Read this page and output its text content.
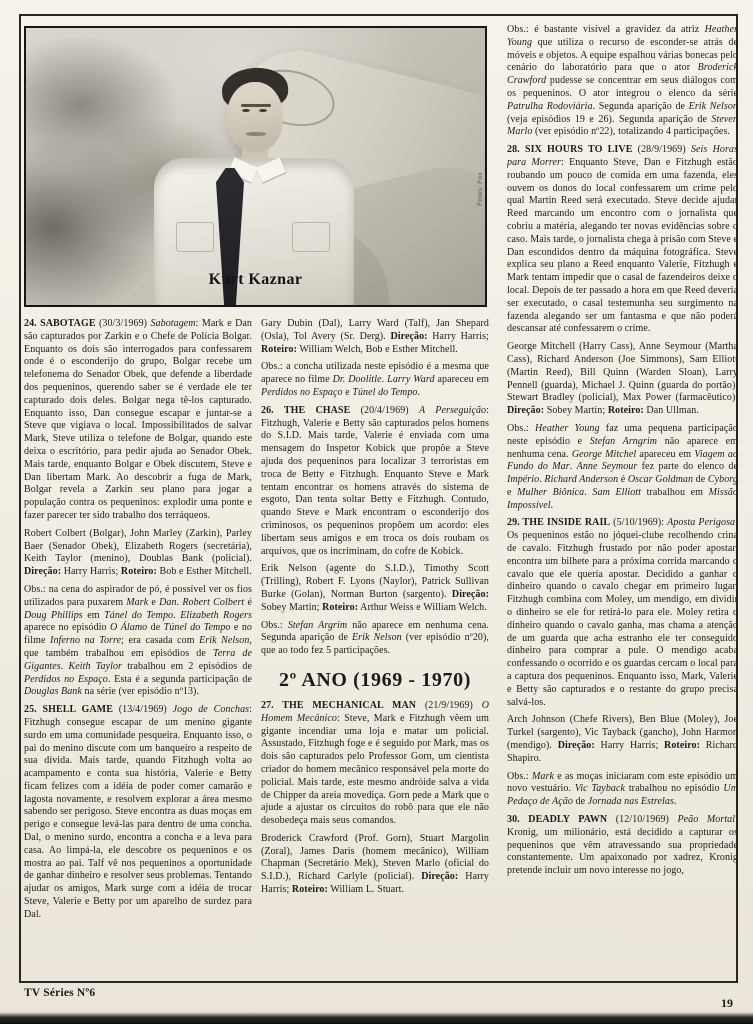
Kurt Kaznar
Fotos: Fox

24. SABOTAGE (30/3/1969) Sabotagem: Mark e Dan são capturados por Zarkin e o Chefe de Polícia Bolgar. Enquanto os dois são interrogados para confessarem onde é o esconderijo do grupo, Bolgar recebe um telefonema do Senador Obek, que defende a liberdade dos pequeninos, querendo saber se é verdade ele ter capturado dois deles. Bolgar nega tê-los capturado. Enquanto isso, Dan consegue escapar e juntar-se a Steve que vigiava o local. Impossibilitados de salvar Mark, Steve utiliza o telefone de Bolgar, quando este deixa o escritório, para pedir ajuda ao Senador Obek. Mais tarde, enquanto Bolgar e Obek discutem, Steve e Dan libertam Mark. Ao descobrir a fuga de Mark, Bolgar revela a Zarkin seu plano para jogar a população contra os pequeninos: explodir uma ponte e fazer parecer ter sido trabalho dos terráqueos.

Robert Colbert (Bolgar), John Marley (Zarkin), Parley Baer (Senador Obek), Elizabeth Rogers (secretária), Keith Taylor (menino), Doublas Bank (policial). Direção: Harry Harris; Roteiro: Bob e Esther Mitchell.

Obs.: na cena do aspirador de pó, é possível ver os fios utilizados para puxarem Mark e Dan. Robert Colbert é Doug Phillips em Tánel do Tempo. Elizabeth Rogers aparece no episódio O Álamo de Túnel do Tempo e no filme Inferno na Torre; era casada com Erik Nelson, que também trabalhou em episódios de Terra de Gigantes. Keith Taylor trabalhou em 2 episódios de Perdidos no Espaço. Esta é a segunda participação de Douglas Bank na série (ver episódio nº13).

25. SHELL GAME (13/4/1969) Jogo de Conchas: Fitzhugh consegue escapar de um menino gigante surdo em uma comunidade pesqueira. Enquanto isso, o pai do menino discute com um banqueiro a respeito de sua dívida. Mais tarde, quando Fitzhugh volta ao acampamento e conta sua história, Valerie e Betty ficam felizes com a idéia de poder comer camarão e lagosta novamente, e resolvem explorar a área mesmo sabendo ser perigoso. Steve encontra as duas moças em perigo e consegue levá-las para dentro de uma concha. Dal, o menino surdo, encontra a concha e a leva para casa. Ao limpá-la, ele descobre os pequeninos e os mostra ao pai. Talf vê nos pequeninos a oportunidade de ganhar dinheiro e resolver seus problemas. Tentando ajudar os amigos, Mark surge com a idéia de trocar Steve, Valerie e Betty por um aparelho de surdez para Dal.

Gary Dubin (Dal), Larry Ward (Talf), Jan Shepard (Osla), Tol Avery (Sr. Derg). Direção: Harry Harris; Roteiro: William Welch, Bob e Esther Mitchell.

Obs.: a concha utilizada neste episódio é a mesma que aparece no filme Dr. Doolitle. Larry Ward apareceu em Perdidos no Espaço e Túnel do Tempo.

26. THE CHASE (20/4/1969) A Perseguição: Fitzhugh, Valerie e Betty são capturados pelos homens do S.I.D. Mais tarde, Valerie é enviada com uma mensagem do Inspetor Kobick que propõe a Steve ajuda dos pequeninos para localizar 3 terroristas em troca de Betty e Fitzhugh. Enquanto Steve e Mark tentam encontrar os homens através do sistema de esgoto, Dan tenta soltar Betty e Fitzhugh. Contudo, quando Steve e Mark encontram o esconderijo dos criminosos, os pequeninos propõem um acordo: eles libertam seus amigos e em troca os dois roubam os arquivos, que os incriminam, do cofre de Kobick.

Erik Nelson (agente do S.I.D.), Timothy Scott (Trilling), Robert F. Lyons (Naylor), Patrick Sullivan Burke (Golan), Norman Burton (sargento). Direção: Sobey Martin; Roteiro: Arthur Weiss e William Welch.

Obs.: Stefan Argrim não aparece em nenhuma cena. Segunda aparição de Erik Nelson (ver episódio nº20), que ao todo fez 5 participações.

2º ANO (1969 - 1970)

27. THE MECHANICAL MAN (21/9/1969) O Homem Mecânico: Steve, Mark e Fitzhugh vêem um gigante incendiar uma loja e matar um policial. Assustado, Fitzhugh foge e é seguido por Mark, mas os dois são capturados pelo Professor Gorn, um cientista criador do homem mecânico responsável pela morte do policial. Mais tarde, este mesmo andróide salva a vida de Chipper da areia movediça. Gorn pede a Mark que o ajude a ajustar os circuitos do robô para que ele não desobedeça mais seus comandos.

Broderick Crawford (Prof. Gorn), Stuart Margolin (Zoral), James Daris (homem mecânico), William Chapman (Secretário Mek), Steven Marlo (oficial do S.I.D.), Richard Carlyle (policial). Direção: Harry Harris; Roteiro: William L. Stuart.

Obs.: é bastante visível a gravidez da atriz Heather Young que utiliza o recurso de esconder-se atrás de móveis e objetos. A equipe espalhou várias bonecas pelo cenário do laboratório para que o ator Broderick Crawford pudesse se concentrar em seus diálogos com os pequeninos. O ator integrou o elenco da série Patrulha Rodoviária. Segunda aparição de Erik Nelson (veja episódios 19 e 26). Segunda aparição de Steven Marlo (ver episódio nº22), totalizando 4 participações.

28. SIX HOURS TO LIVE (28/9/1969) Seis Horas para Morrer: Enquanto Steve, Dan e Fitzhugh estão roubando um pouco de comida em uma fazenda, eles ouvem os donos do local confessarem um crime pelo qual Martin Reed será executado. Steve decide ajudar Reed marcando um encontro com o jornalista que cobriu a matéria, alegando ter novas evidências sobre o caso. Mais tarde, o jornalista chega à prisão com Steve e Dan escondidos dentro da máquina fotográfica. Steve explica seu plano a Reed enquanto Valerie, Fitzhugh e Mark tentam impedir que o casal de fazendeiros deixe o local. Depois de ter passado a hora em que Reed deveria ser executado, o casal testemunha seu surgimento na fazenda alegando ser um fantasma e que não poderá descansar até confessarem o crime.

George Mitchell (Harry Cass), Anne Seymour (Martha Cass), Richard Anderson (Joe Simmons), Sam Elliott (Martin Reed), Bill Quinn (Warden Sloan), Larry Pennell (guarda), Michael J. Quinn (guarda do portão), Stewart Bradley (policial), Max Power (farmacêutico). Direção: Sobey Martin; Roteiro: Dan Ullman.

Obs.: Heather Young faz uma pequena participação neste episódio e Stefan Arngrim não aparece em nenhuma cena. George Mitchel apareceu em Viagem ao Fundo do Mar. Anne Seymour fez parte do elenco de Império. Richard Anderson é Oscar Goldman de Cyborg e Mulher Biônica. Sam Elliott trabalhou em Missão Impossível.

29. THE INSIDE RAIL (5/10/1969): Aposta Perigosa: Os pequeninos estão no jóquei-clube recolhendo crina de cavalo. Fitzhugh frustado por não poder apostar, encontra um bilhete para a próxima corrida marcando o cavalo que ele queria apostar. Decidido a ganhar o dinheiro quando o cavalo chegar em primeiro lugar, Fitzhugh combina com Moley, um mendigo, em dividir o dinheiro se ele for retirá-lo para ele. Moley retira o dinheiro quando o cavalo ganha, mas chama a atenção de um guarda que acha estranho ele ter conseguido dinheiro para comprar a pule. O mendigo acaba confessando o ocorrido e os guardas cercam o local para a captura dos pequeninos. Enquanto isso, Mark, Valerie e Betty são capturados e o restante do grupo precisa salvá-los.

Arch Johnson (Chefe Rivers), Ben Blue (Moley), Joe Turkel (sargento), Vic Tayback (gancho), John Harmon (mendigo). Direção: Harry Harris; Roteiro: Richard Shapiro.

Obs.: Mark e as moças iniciaram com este episódio um novo vestuário. Vic Tayback trabalhou no episódio Um Pedaço de Ação de Jornada nas Estrelas.

30. DEADLY PAWN (12/10/1969) Peão Mortal: Kronig, um milionário, está decidido a capturar os pequeninos que vêm atravessando sua propriedade constantemente. Um apaixonado por xadrez, Kronig pretende incluir um novo interesse no jogo,

TV Séries Nº6
19
